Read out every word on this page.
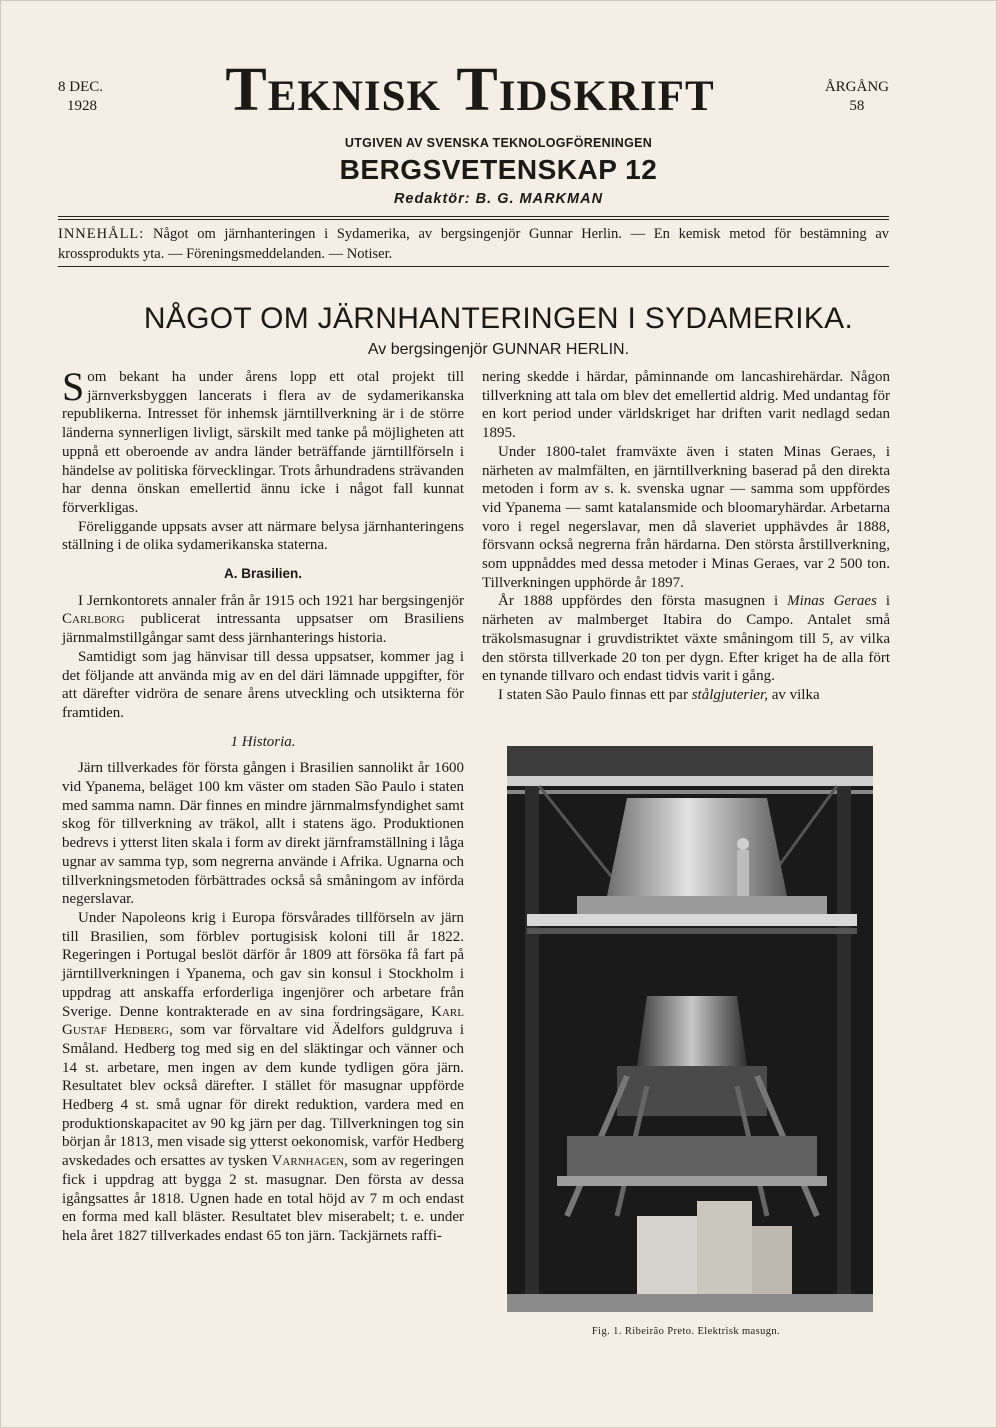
8 DEC.
1928	Teknisk Tidskrift	ÅRGÅNG
58
UTGIVEN AV SVENSKA TEKNOLOGFÖRENINGEN
BERGSVETENSKAP 12
Redaktör: B. G. MARKMAN
INNEHÅLL: Något om järnhanteringen i Sydamerika, av bergsingenjör Gunnar Herlin. — En kemisk metod för bestämning av krossprodukts yta. — Föreningsmeddelanden. — Notiser.
NÅGOT OM JÄRNHANTERINGEN I SYDAMERIKA.
Av bergsingenjör GUNNAR HERLIN.

Som bekant ha under årens lopp ett otal projekt till järnverksbyggen lancerats i flera av de sydamerikanska republikerna. Intresset för inhemsk järntillverkning är i de större länderna synnerligen livligt, särskilt med tanke på möjligheten att uppnå ett oberoende av andra länder beträffande järntillförseln i händelse av politiska förvecklingar. Trots århundradens strävanden har denna önskan emellertid ännu icke i något fall kunnat förverkligas.

Föreliggande uppsats avser att närmare belysa järnhanteringens ställning i de olika sydamerikanska staterna.

A. Brasilien.

I Jernkontorets annaler från år 1915 och 1921 har bergsingenjör Carlborg publicerat intressanta uppsatser om Brasiliens järnmalmstillgångar samt dess järnhanterings historia.

Samtidigt som jag hänvisar till dessa uppsatser, kommer jag i det följande att använda mig av en del däri lämnade uppgifter, för att därefter vidröra de senare årens utveckling och utsikterna för framtiden.

1 Historia.

Järn tillverkades för första gången i Brasilien sannolikt år 1600 vid Ypanema, beläget 100 km väster om staden São Paulo i staten med samma namn. Där finnes en mindre järnmalmsfyndighet samt skog för tillverkning av träkol, allt i statens ägo. Produktionen bedrevs i ytterst liten skala i form av direkt järnframställning i låga ugnar av samma typ, som negrerna använde i Afrika. Ugnarna och tillverkningsmetoden förbättrades också så småningom av införda negerslavar.

Under Napoleons krig i Europa försvårades tillförseln av järn till Brasilien, som förblev portugisisk koloni till år 1822. Regeringen i Portugal beslöt därför år 1809 att försöka få fart på järntillverkningen i Ypanema, och gav sin konsul i Stockholm i uppdrag att anskaffa erforderliga ingenjörer och arbetare från Sverige. Denne kontrakterade en av sina fordringsägare, Karl Gustaf Hedberg, som var förvaltare vid Ädelfors guldgruva i Småland. Hedberg tog med sig en del släktingar och vänner och 14 st. arbetare, men ingen av dem kunde tydligen göra järn. Resultatet blev också därefter. I stället för masugnar uppförde Hedberg 4 st. små ugnar för direkt reduktion, vardera med en produktionskapacitet av 90 kg järn per dag. Tillverkningen tog sin början år 1813, men visade sig ytterst oekonomisk, varför Hedberg avskedades och ersattes av tysken Varnhagen, som av regeringen fick i uppdrag att bygga 2 st. masugnar. Den första av dessa igångsattes år 1818. Ugnen hade en total höjd av 7 m och endast en forma med kall bläster. Resultatet blev miserabelt; t. e. under hela året 1827 tillverkades endast 65 ton järn. Tackjärnets raffi-

nering skedde i härdar, påminnande om lancashirehärdar. Någon tillverkning att tala om blev det emellertid aldrig. Med undantag för en kort period under världskriget har driften varit nedlagd sedan 1895.

Under 1800-talet framväxte även i staten Minas Geraes, i närheten av malmfälten, en järntillverkning baserad på den direkta metoden i form av s. k. svenska ugnar — samma som uppfördes vid Ypanema — samt katalansmide och bloomaryhärdar. Arbetarna voro i regel negerslavar, men då slaveriet upphävdes år 1888, försvann också negrerna från härdarna. Den största årstillverkning, som uppnåddes med dessa metoder i Minas Geraes, var 2 500 ton. Tillverkningen upphörde år 1897.

År 1888 uppfördes den första masugnen i Minas Geraes i närheten av malmberget Itabira do Campo. Antalet små träkolsmasugnar i gruvdistriktet växte småningom till 5, av vilka den största tillverkade 20 ton per dygn. Efter kriget ha de alla fört en tynande tillvaro och endast tidvis varit i gång.

I staten São Paulo finnas ett par stålgjuterier, av vilka

Fig. 1. Ribeirão Preto. Elektrisk masugn.
